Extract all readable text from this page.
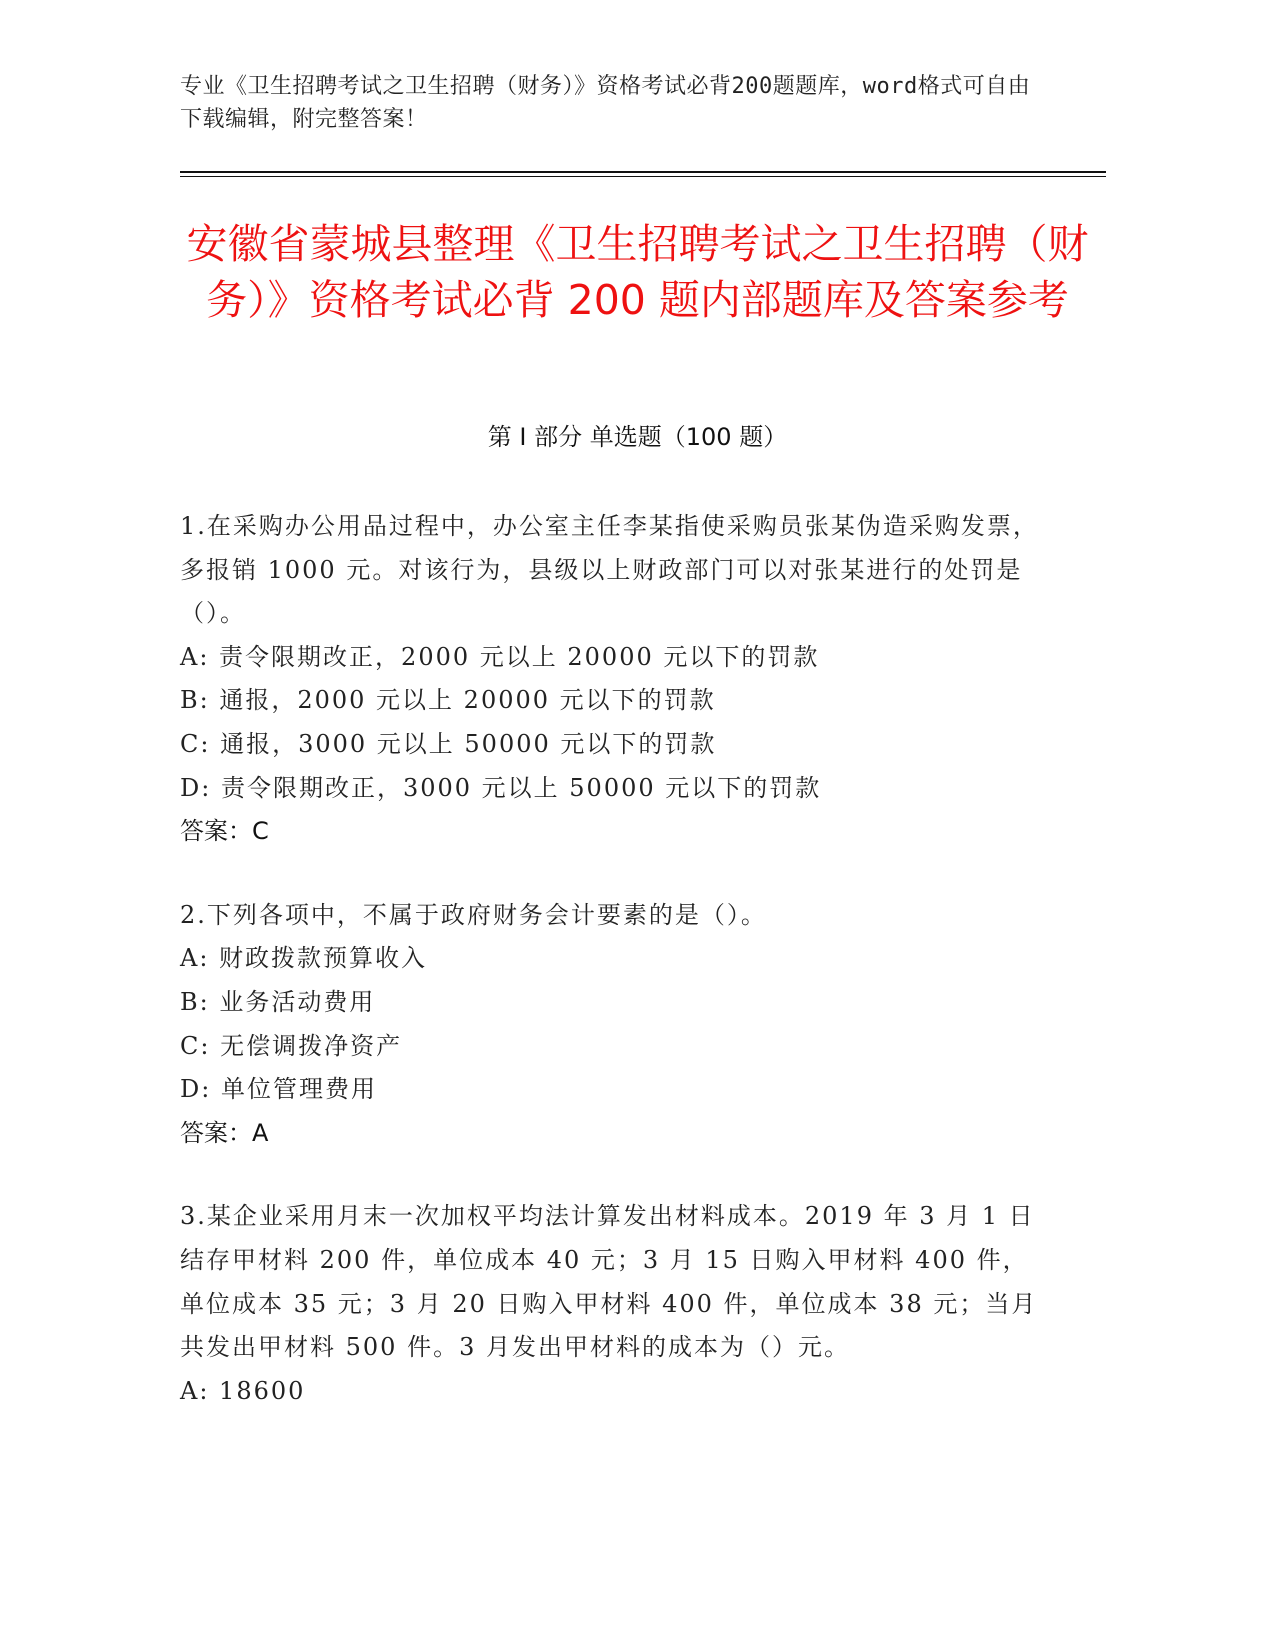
专业《卫生招聘考试之卫生招聘（财务）》资格考试必背200题题库，word格式可自由下载编辑，附完整答案！
安徽省蒙城县整理《卫生招聘考试之卫生招聘（财务）》资格考试必背 200 题内部题库及答案参考
第 I 部分 单选题（100 题）
1.在采购办公用品过程中，办公室主任李某指使采购员张某伪造采购发票，多报销 1000 元。对该行为，县级以上财政部门可以对张某进行的处罚是（）。
A: 责令限期改正，2000 元以上 20000 元以下的罚款
B: 通报，2000 元以上 20000 元以下的罚款
C: 通报，3000 元以上 50000 元以下的罚款
D: 责令限期改正，3000 元以上 50000 元以下的罚款
答案：C
2.下列各项中，不属于政府财务会计要素的是（）。
A: 财政拨款预算收入
B: 业务活动费用
C: 无偿调拨净资产
D: 单位管理费用
答案：A
3.某企业采用月末一次加权平均法计算发出材料成本。2019 年 3 月 1 日结存甲材料 200 件，单位成本 40 元；3 月 15 日购入甲材料 400 件，单位成本 35 元；3 月 20 日购入甲材料 400 件，单位成本 38 元；当月共发出甲材料 500 件。3 月发出甲材料的成本为（）元。
A: 18600
